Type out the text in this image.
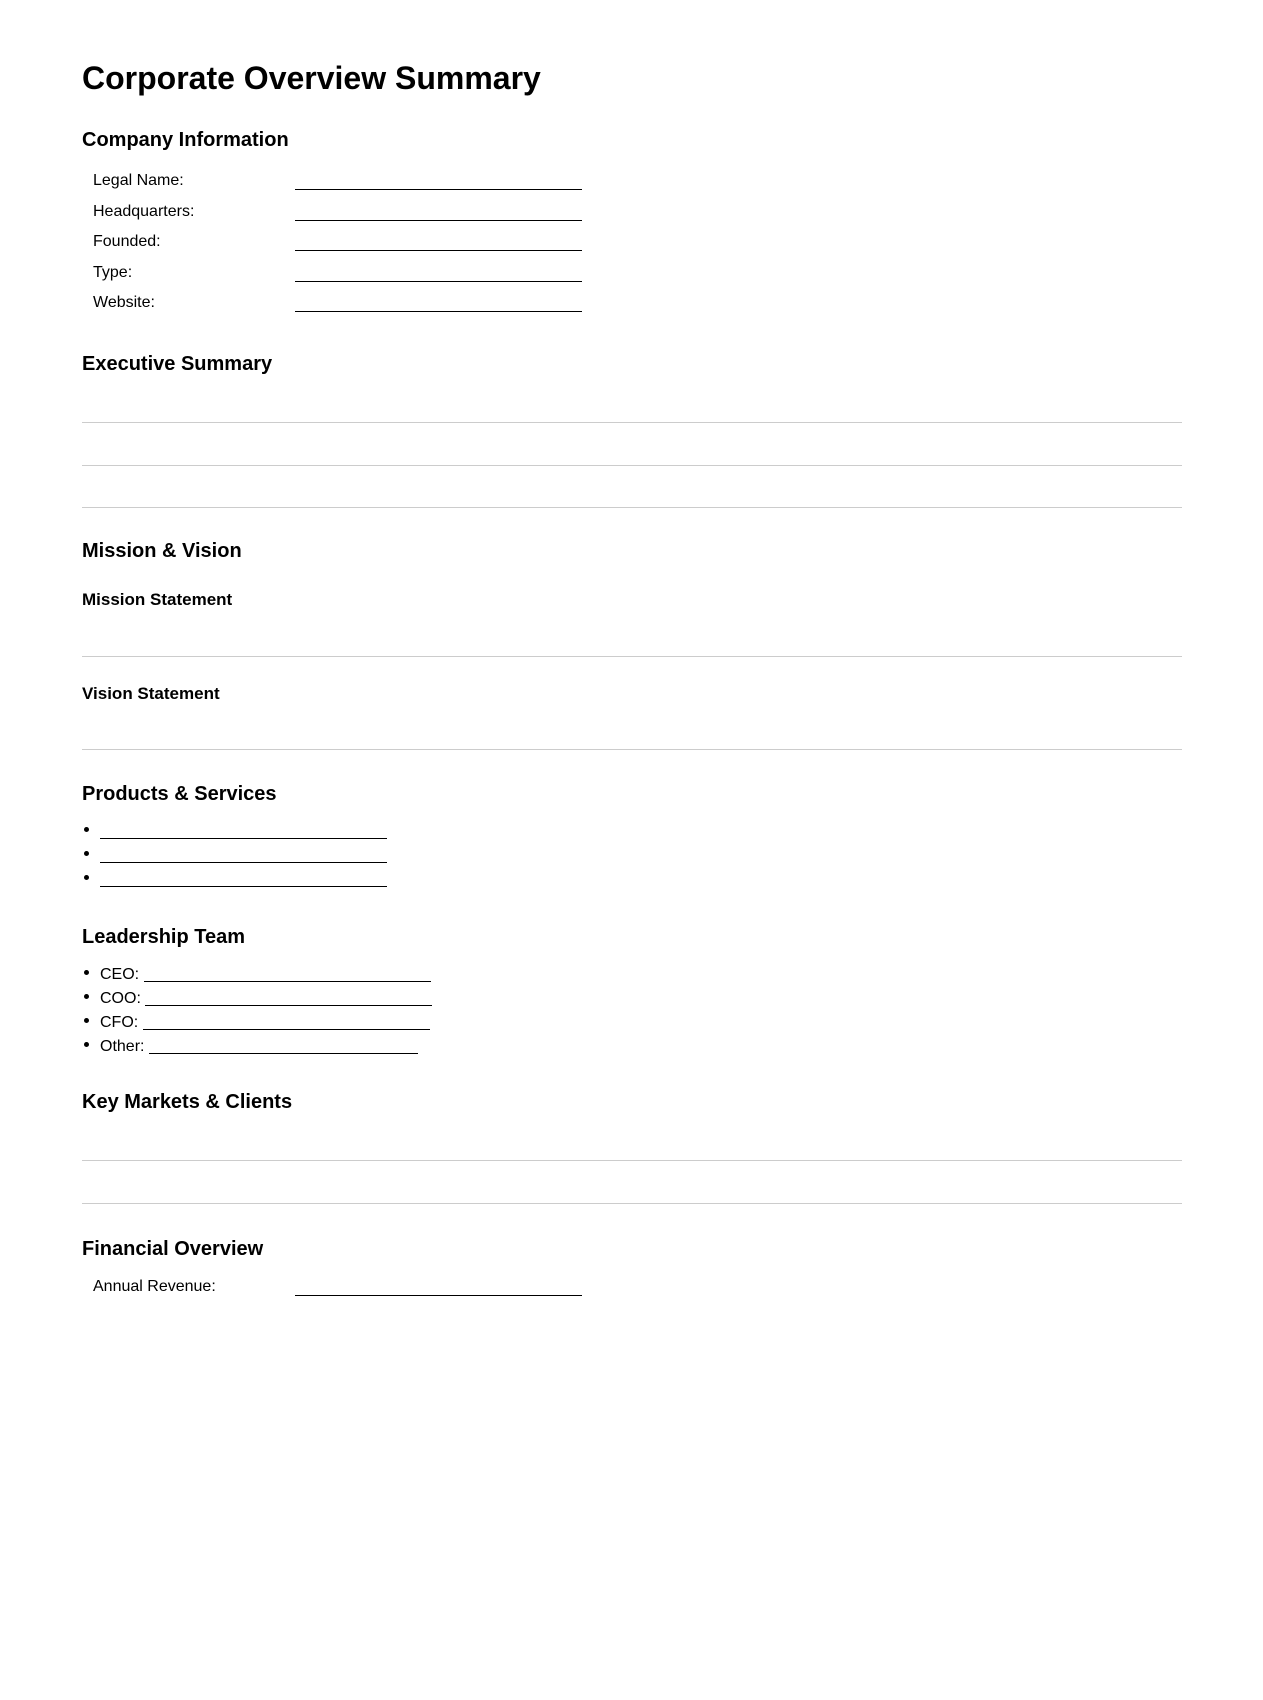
Corporate Overview Summary
Company Information
Legal Name:
Headquarters:
Founded:
Type:
Website:
Executive Summary
Mission & Vision
Mission Statement
Vision Statement
Products & Services
Leadership Team
CEO:
COO:
CFO:
Other:
Key Markets & Clients
Financial Overview
Annual Revenue:
